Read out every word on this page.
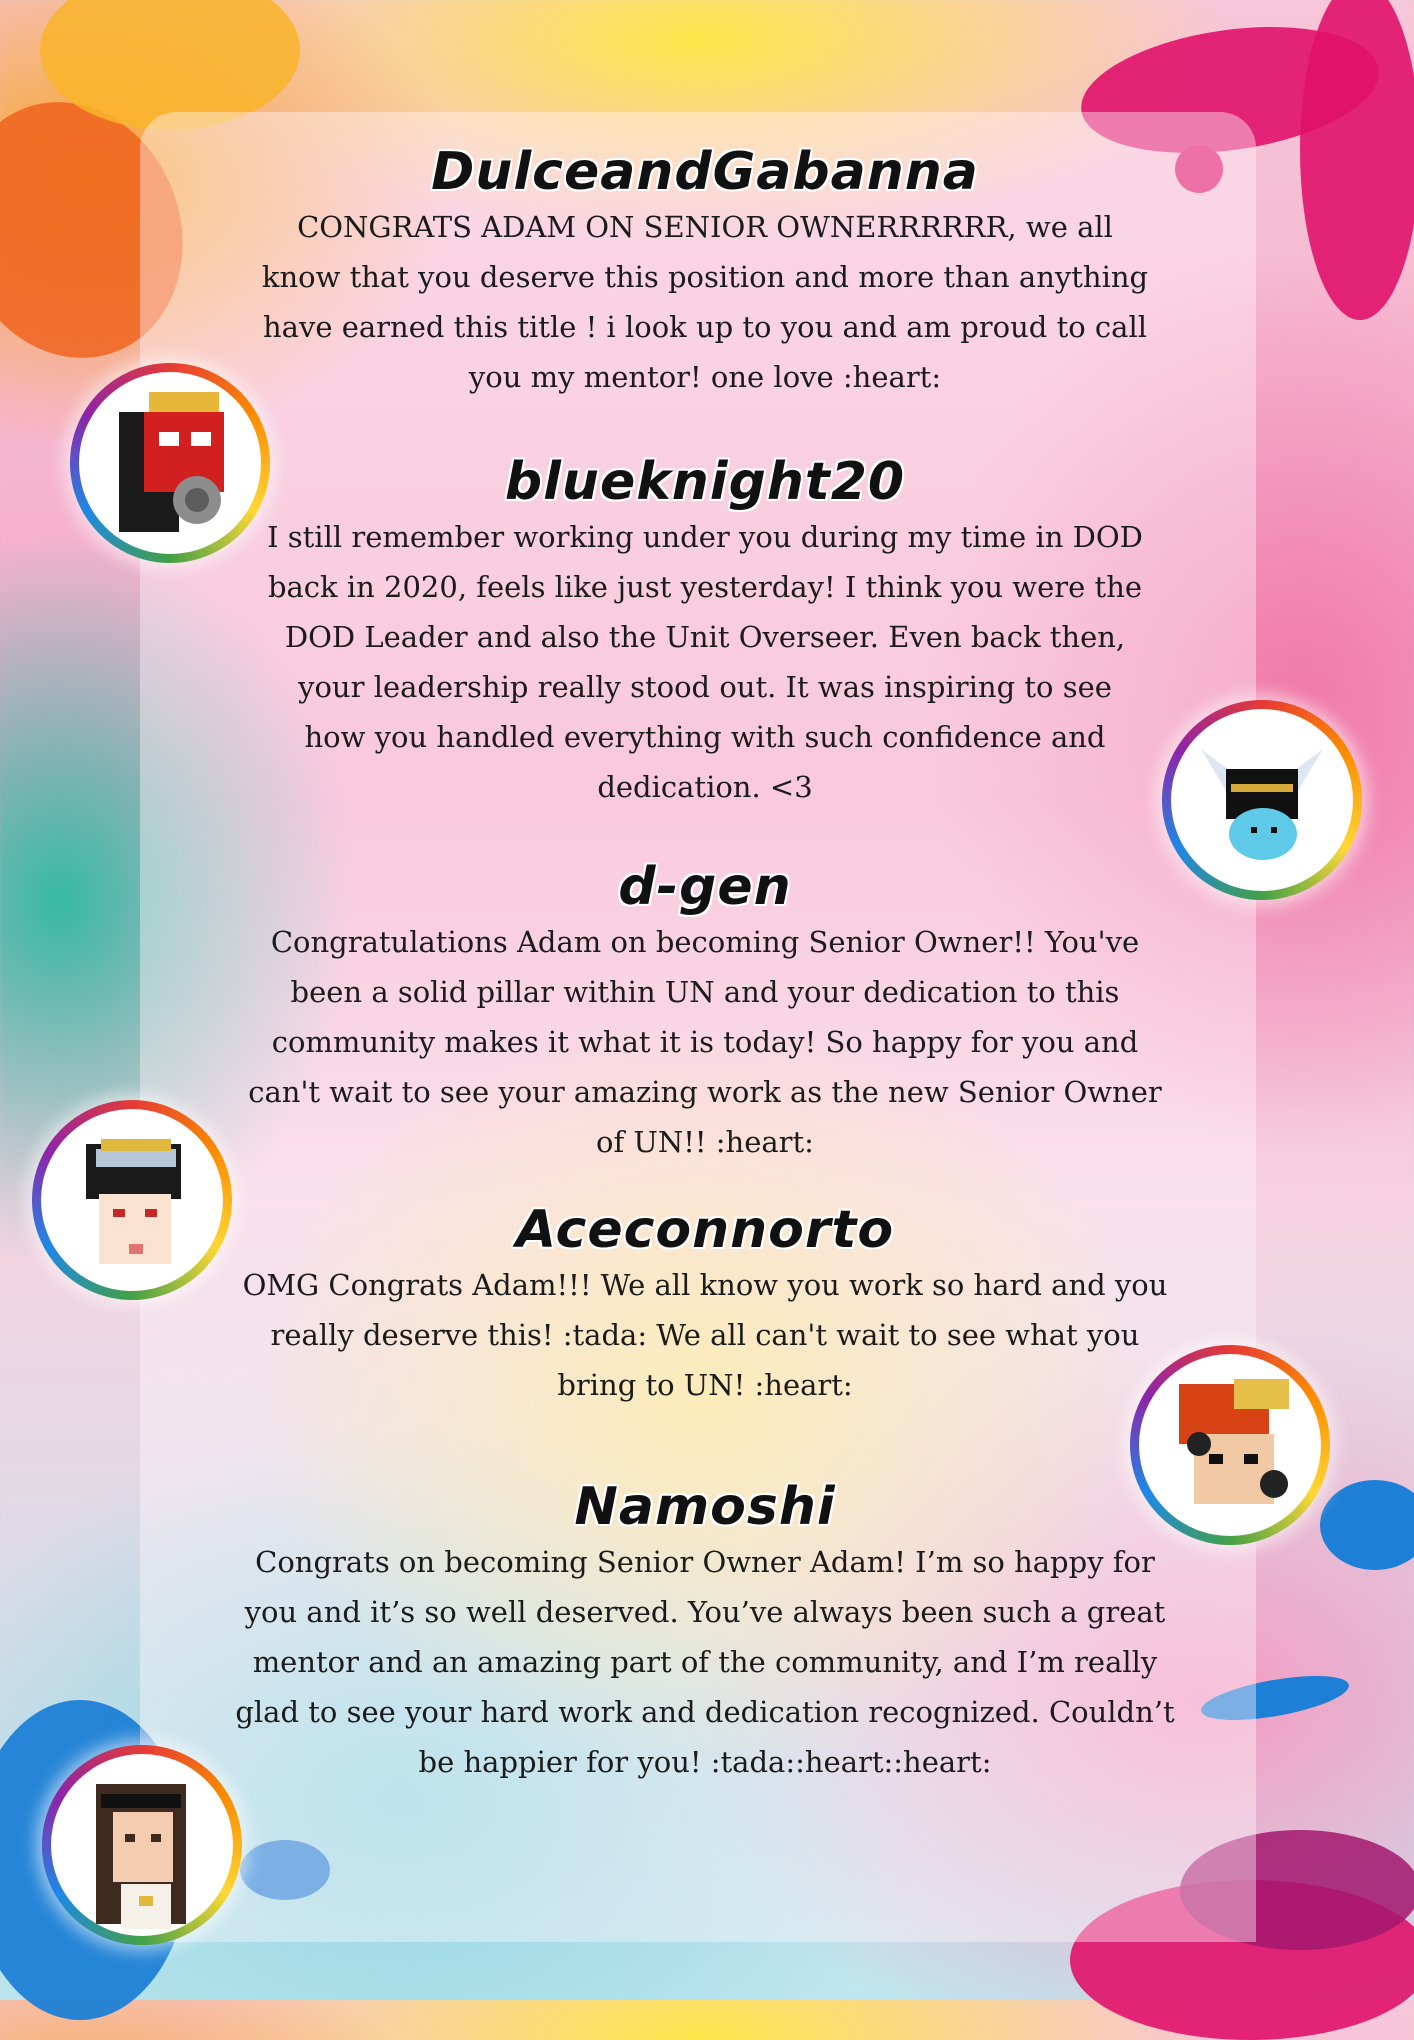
DulceandGabanna
CONGRATS ADAM ON SENIOR OWNERRRRRR, we all know that you deserve this position and more than anything have earned this title ! i look up to you and am proud to call you my mentor! one love :heart:
blueknight20
I still remember working under you during my time in DOD back in 2020, feels like just yesterday! I think you were the DOD Leader and also the Unit Overseer. Even back then, your leadership really stood out. It was inspiring to see how you handled everything with such confidence and dedication. <3
d-gen
Congratulations Adam on becoming Senior Owner!! You've been a solid pillar within UN and your dedication to this community makes it what it is today! So happy for you and can't wait to see your amazing work as the new Senior Owner of UN!! :heart:
Aceconnorto
OMG Congrats Adam!!! We all know you work so hard and you really deserve this! :tada: We all can't wait to see what you bring to UN! :heart:
Namoshi
Congrats on becoming Senior Owner Adam! I’m so happy for you and it’s so well deserved. You’ve always been such a great mentor and an amazing part of the community, and I’m really glad to see your hard work and dedication recognized. Couldn’t be happier for you! :tada::heart::heart:
